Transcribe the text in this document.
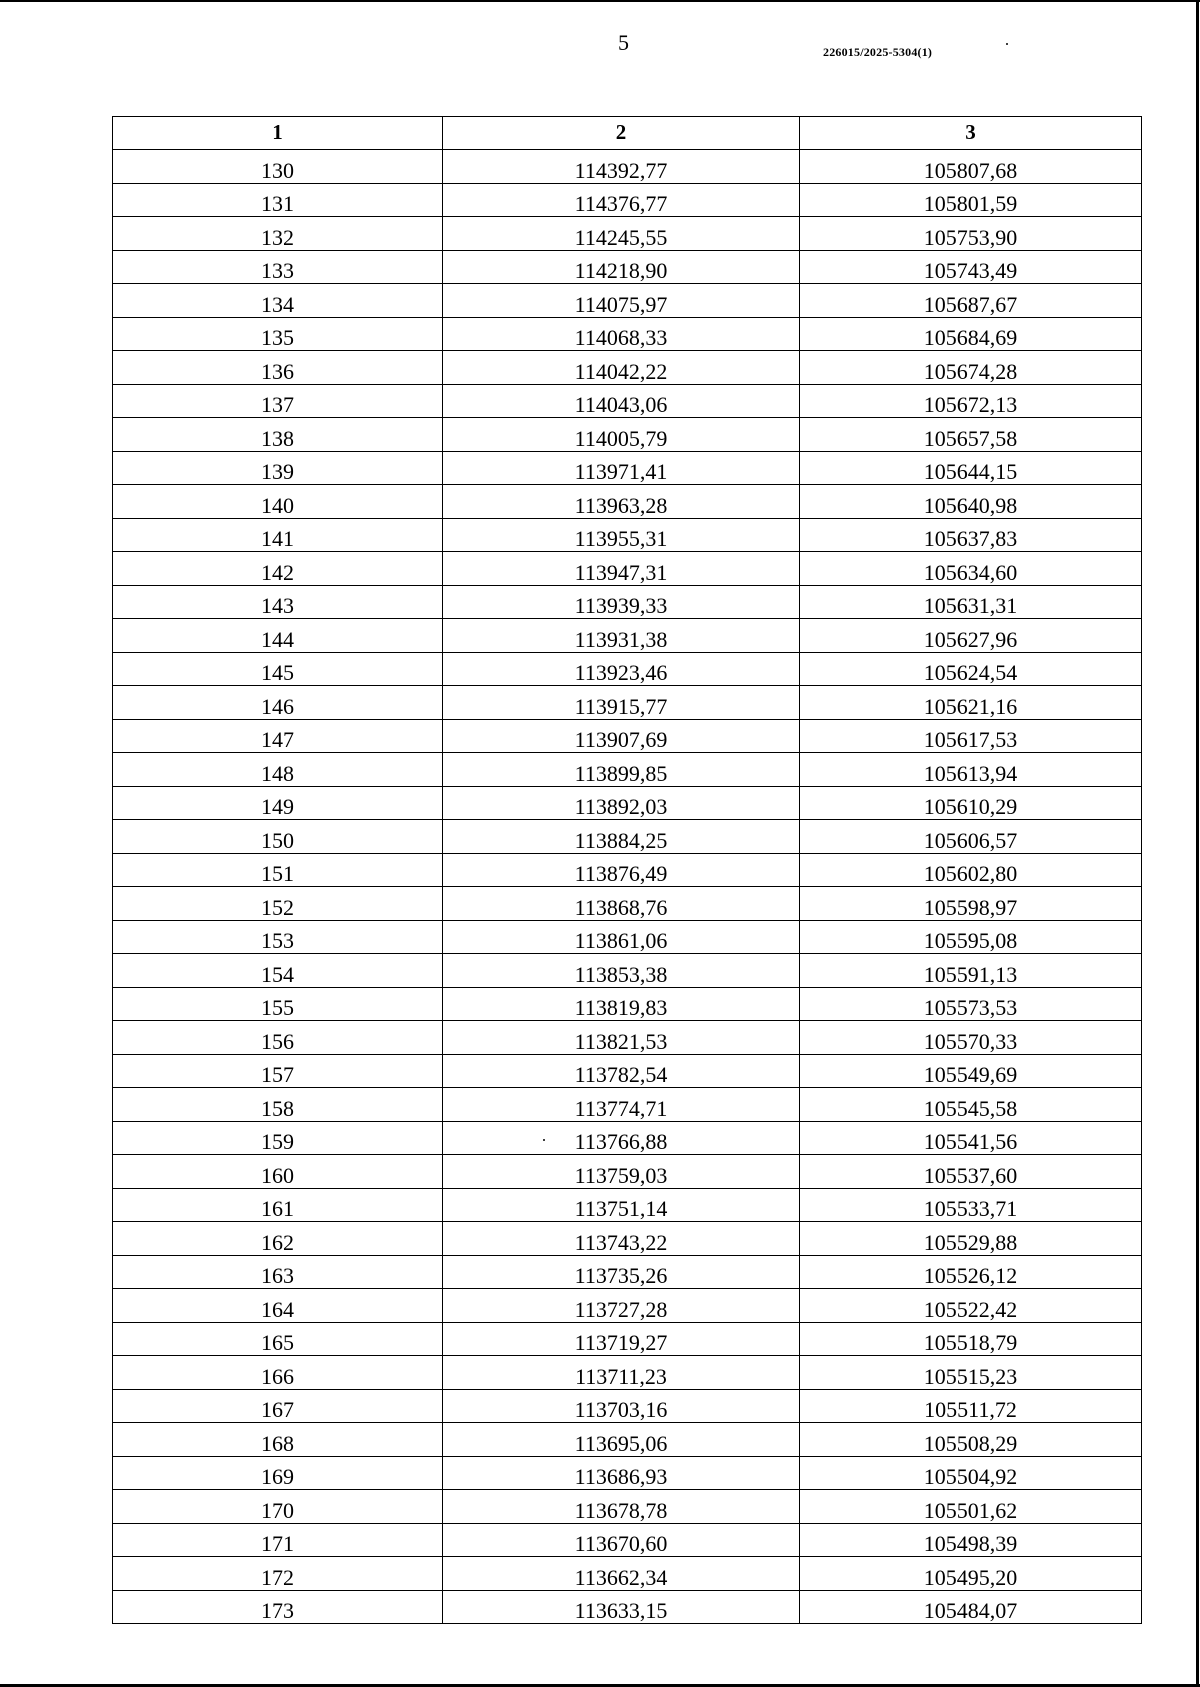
5	226015/2025-5304(1)
1	2	3
130	114392,77	105807,68
131	114376,77	105801,59
132	114245,55	105753,90
133	114218,90	105743,49
134	114075,97	105687,67
135	114068,33	105684,69
136	114042,22	105674,28
137	114043,06	105672,13
138	114005,79	105657,58
139	113971,41	105644,15
140	113963,28	105640,98
141	113955,31	105637,83
142	113947,31	105634,60
143	113939,33	105631,31
144	113931,38	105627,96
145	113923,46	105624,54
146	113915,77	105621,16
147	113907,69	105617,53
148	113899,85	105613,94
149	113892,03	105610,29
150	113884,25	105606,57
151	113876,49	105602,80
152	113868,76	105598,97
153	113861,06	105595,08
154	113853,38	105591,13
155	113819,83	105573,53
156	113821,53	105570,33
157	113782,54	105549,69
158	113774,71	105545,58
159	113766,88	105541,56
160	113759,03	105537,60
161	113751,14	105533,71
162	113743,22	105529,88
163	113735,26	105526,12
164	113727,28	105522,42
165	113719,27	105518,79
166	113711,23	105515,23
167	113703,16	105511,72
168	113695,06	105508,29
169	113686,93	105504,92
170	113678,78	105501,62
171	113670,60	105498,39
172	113662,34	105495,20
173	113633,15	105484,07
